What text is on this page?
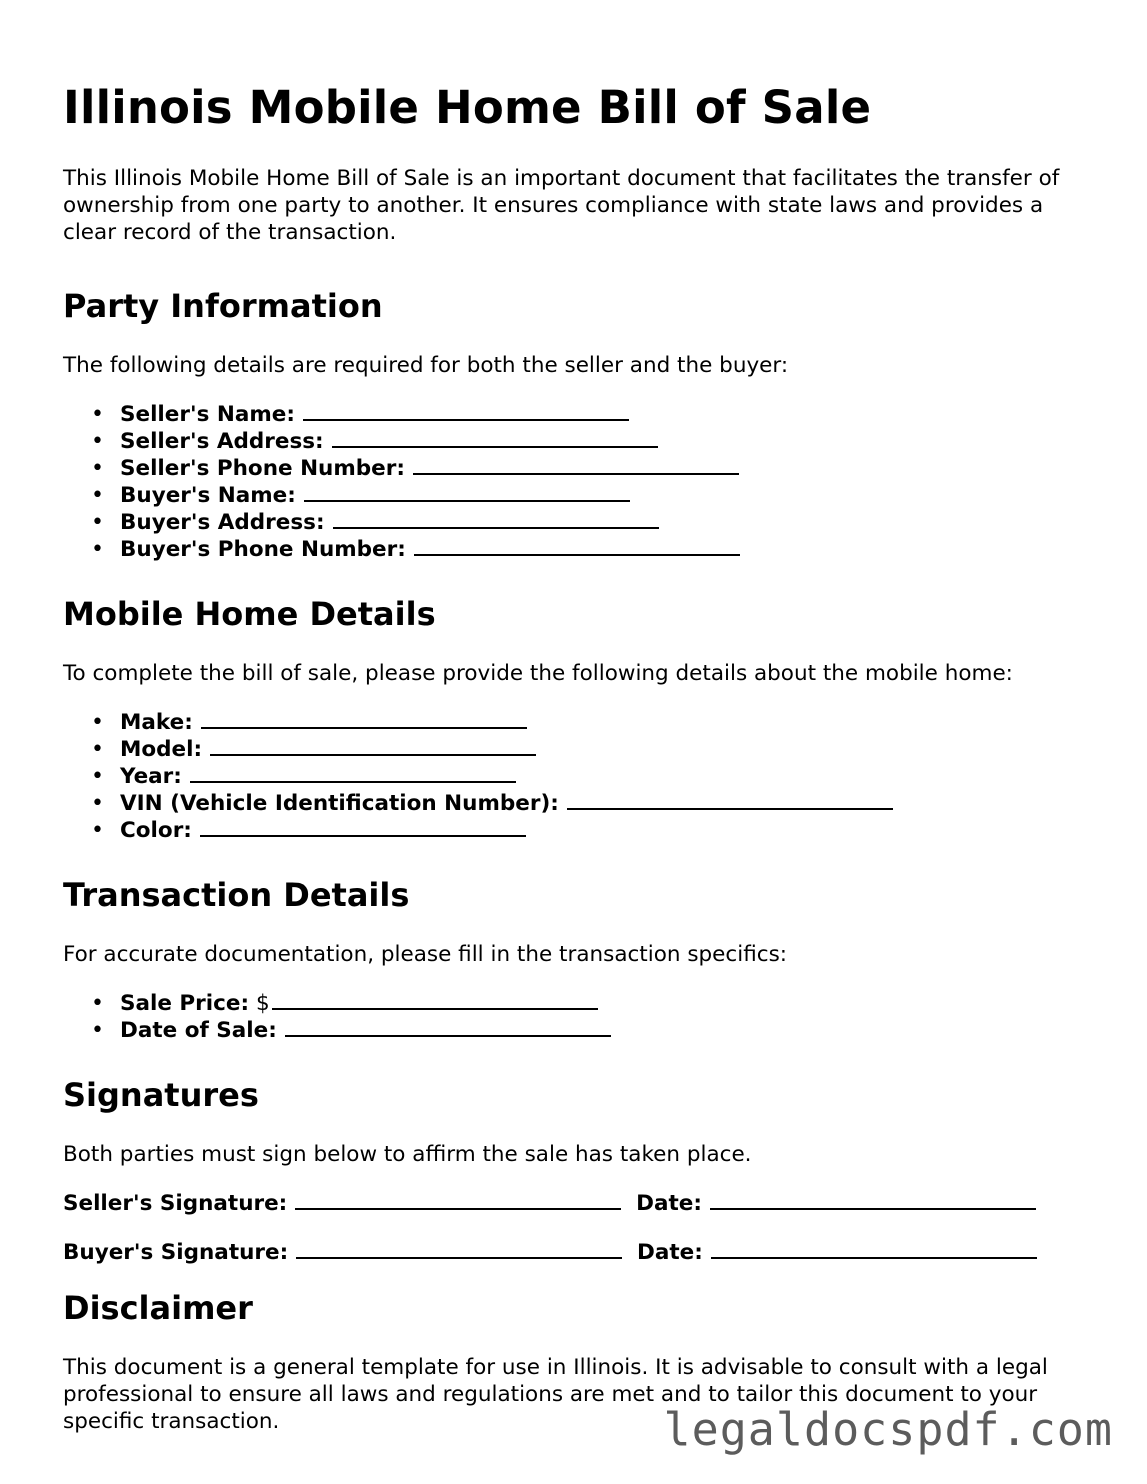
Illinois Mobile Home Bill of Sale

This Illinois Mobile Home Bill of Sale is an important document that facilitates the transfer of ownership from one party to another. It ensures compliance with state laws and provides a clear record of the transaction.

Party Information

The following details are required for both the seller and the buyer:

• Seller's Name:
• Seller's Address:
• Seller's Phone Number:
• Buyer's Name:
• Buyer's Address:
• Buyer's Phone Number:
Mobile Home Details

To complete the bill of sale, please provide the following details about the mobile home:

• Make:
• Model:
• Year:
• VIN (Vehicle Identification Number):
• Color:
Transaction Details

For accurate documentation, please fill in the transaction specifics:

• Sale Price: $
• Date of Sale:
Signatures

Both parties must sign below to affirm the sale has taken place.

Seller's Signature:	Date:
Buyer's Signature:	Date:
Disclaimer

This document is a general template for use in Illinois. It is advisable to consult with a legal professional to ensure all laws and regulations are met and to tailor this document to your specific transaction.	legaldocspdf.com
